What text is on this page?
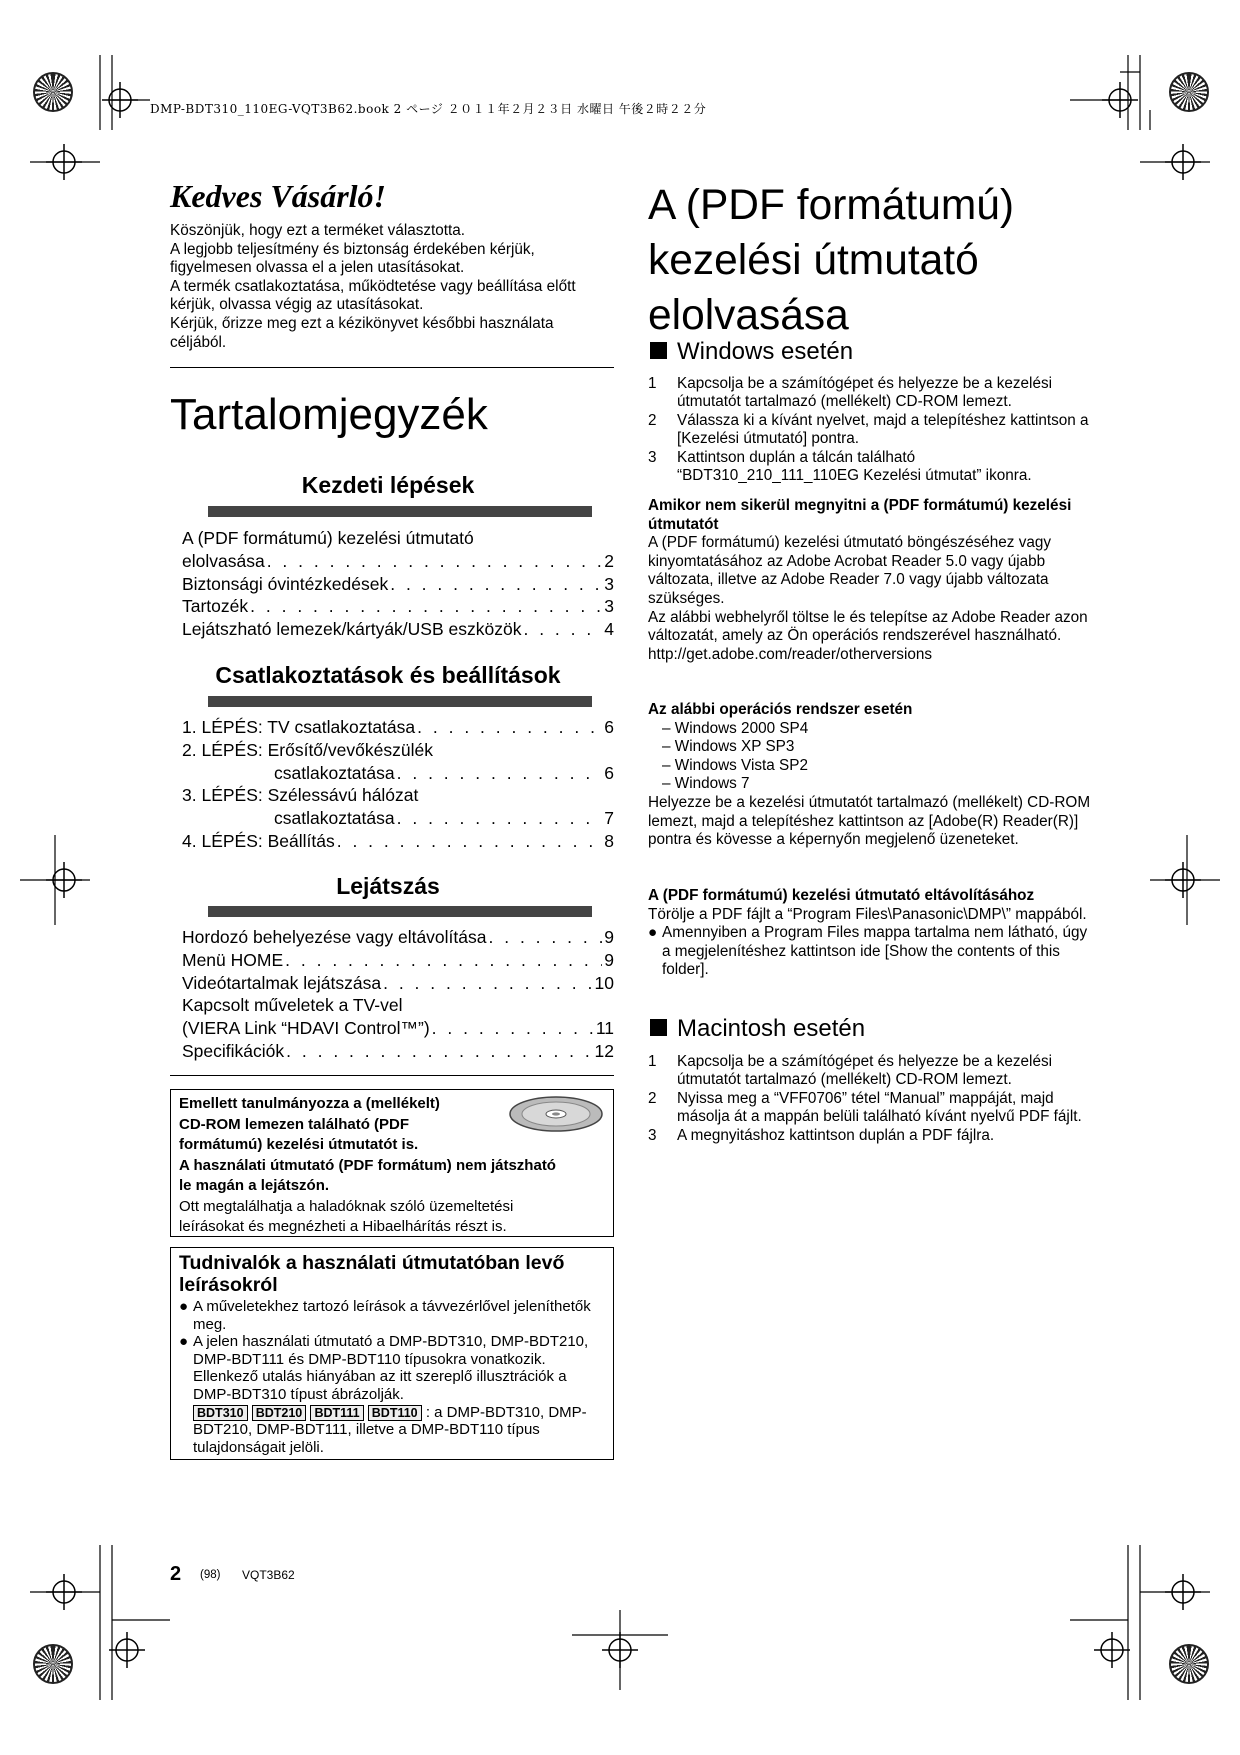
DMP-BDT310_110EG-VQT3B62.book 2 ページ ２０１１年２月２３日 水曜日 午後２時２２分
Kedves Vásárló!
Köszönjük, hogy ezt a terméket választotta.
A legjobb teljesítmény és biztonság érdekében kérjük,
figyelmesen olvassa el a jelen utasításokat.
A termék csatlakoztatása, működtetése vagy beállítása előtt
kérjük, olvassa végig az utasításokat.
Kérjük, őrizze meg ezt a kézikönyvet későbbi használata
céljából.
Tartalomjegyzék
Kezdeti lépések
A (PDF formátumú) kezelési útmutató
elolvasása . . .	2
Biztonsági óvintézkedések . . .	3
Tartozék . . .	3
Lejátszható lemezek/kártyák/USB eszközök . . .	4
Csatlakoztatások és beállítások
1. LÉPÉS: TV csatlakoztatása . . .	6
2. LÉPÉS: Erősítő/vevőkészülék
csatlakoztatása . . .	6
3. LÉPÉS: Szélessávú hálózat
csatlakoztatása . . .	7
4. LÉPÉS: Beállítás . . .	8
Lejátszás
Hordozó behelyezése vagy eltávolítása . . .	9
Menü HOME . . .	9
Videótartalmak lejátszása . . .	10
Kapcsolt műveletek a TV-vel
(VIERA Link “HDAVI Control™”) . . .	11
Specifikációk . . .	12
Emellett tanulmányozza a (mellékelt)
CD-ROM lemezen található (PDF
formátumú) kezelési útmutatót is.
A használati útmutató (PDF formátum) nem játszható
le magán a lejátszón.
Ott megtalálhatja a haladóknak szóló üzemeltetési
leírásokat és megnézheti a Hibaelhárítás részt is.
Tudnivalók a használati útmutatóban levő leírásokról
● A műveletekhez tartozó leírások a távvezérlővel jeleníthetők meg.
● A jelen használati útmutató a DMP-BDT310, DMP-BDT210, DMP-BDT111 és DMP-BDT110 típusokra vonatkozik. Ellenkező utalás hiányában az itt szereplő illusztrációk a DMP-BDT310 típust ábrázolják.
BDT310 BDT210 BDT111 BDT110 : a DMP-BDT310, DMP-BDT210, DMP-BDT111, illetve a DMP-BDT110 típus tulajdonságait jelöli.
A (PDF formátumú)
kezelési útmutató
elolvasása
Windows esetén
1	Kapcsolja be a számítógépet és helyezze be a kezelési útmutatót tartalmazó (mellékelt) CD-ROM lemezt.
2	Válassza ki a kívánt nyelvet, majd a telepítéshez kattintson a [Kezelési útmutató] pontra.
3	Kattintson duplán a tálcán található “BDT310_210_111_110EG Kezelési útmutat” ikonra.
Amikor nem sikerül megnyitni a (PDF formátumú) kezelési útmutatót
A (PDF formátumú) kezelési útmutató böngészéséhez vagy kinyomtatásához az Adobe Acrobat Reader 5.0 vagy újabb változata, illetve az Adobe Reader 7.0 vagy újabb változata szükséges.
Az alábbi webhelyről töltse le és telepítse az Adobe Reader azon változatát, amely az Ön operációs rendszerével használható.
http://get.adobe.com/reader/otherversions
Az alábbi operációs rendszer esetén
– Windows 2000 SP4
– Windows XP SP3
– Windows Vista SP2
– Windows 7
Helyezze be a kezelési útmutatót tartalmazó (mellékelt) CD-ROM lemezt, majd a telepítéshez kattintson az [Adobe(R) Reader(R)] pontra és kövesse a képernyőn megjelenő üzeneteket.
A (PDF formátumú) kezelési útmutató eltávolításához
Törölje a PDF fájlt a “Program Files\Panasonic\DMP\” mappából.
● Amennyiben a Program Files mappa tartalma nem látható, úgy a megjelenítéshez kattintson ide [Show the contents of this folder].
Macintosh esetén
1	Kapcsolja be a számítógépet és helyezze be a kezelési útmutatót tartalmazó (mellékelt) CD-ROM lemezt.
2	Nyissa meg a “VFF0706” tétel “Manual” mappáját, majd másolja át a mappán belüli található kívánt nyelvű PDF fájlt.
3	A megnyitáshoz kattintson duplán a PDF fájlra.
2 (98) VQT3B62
